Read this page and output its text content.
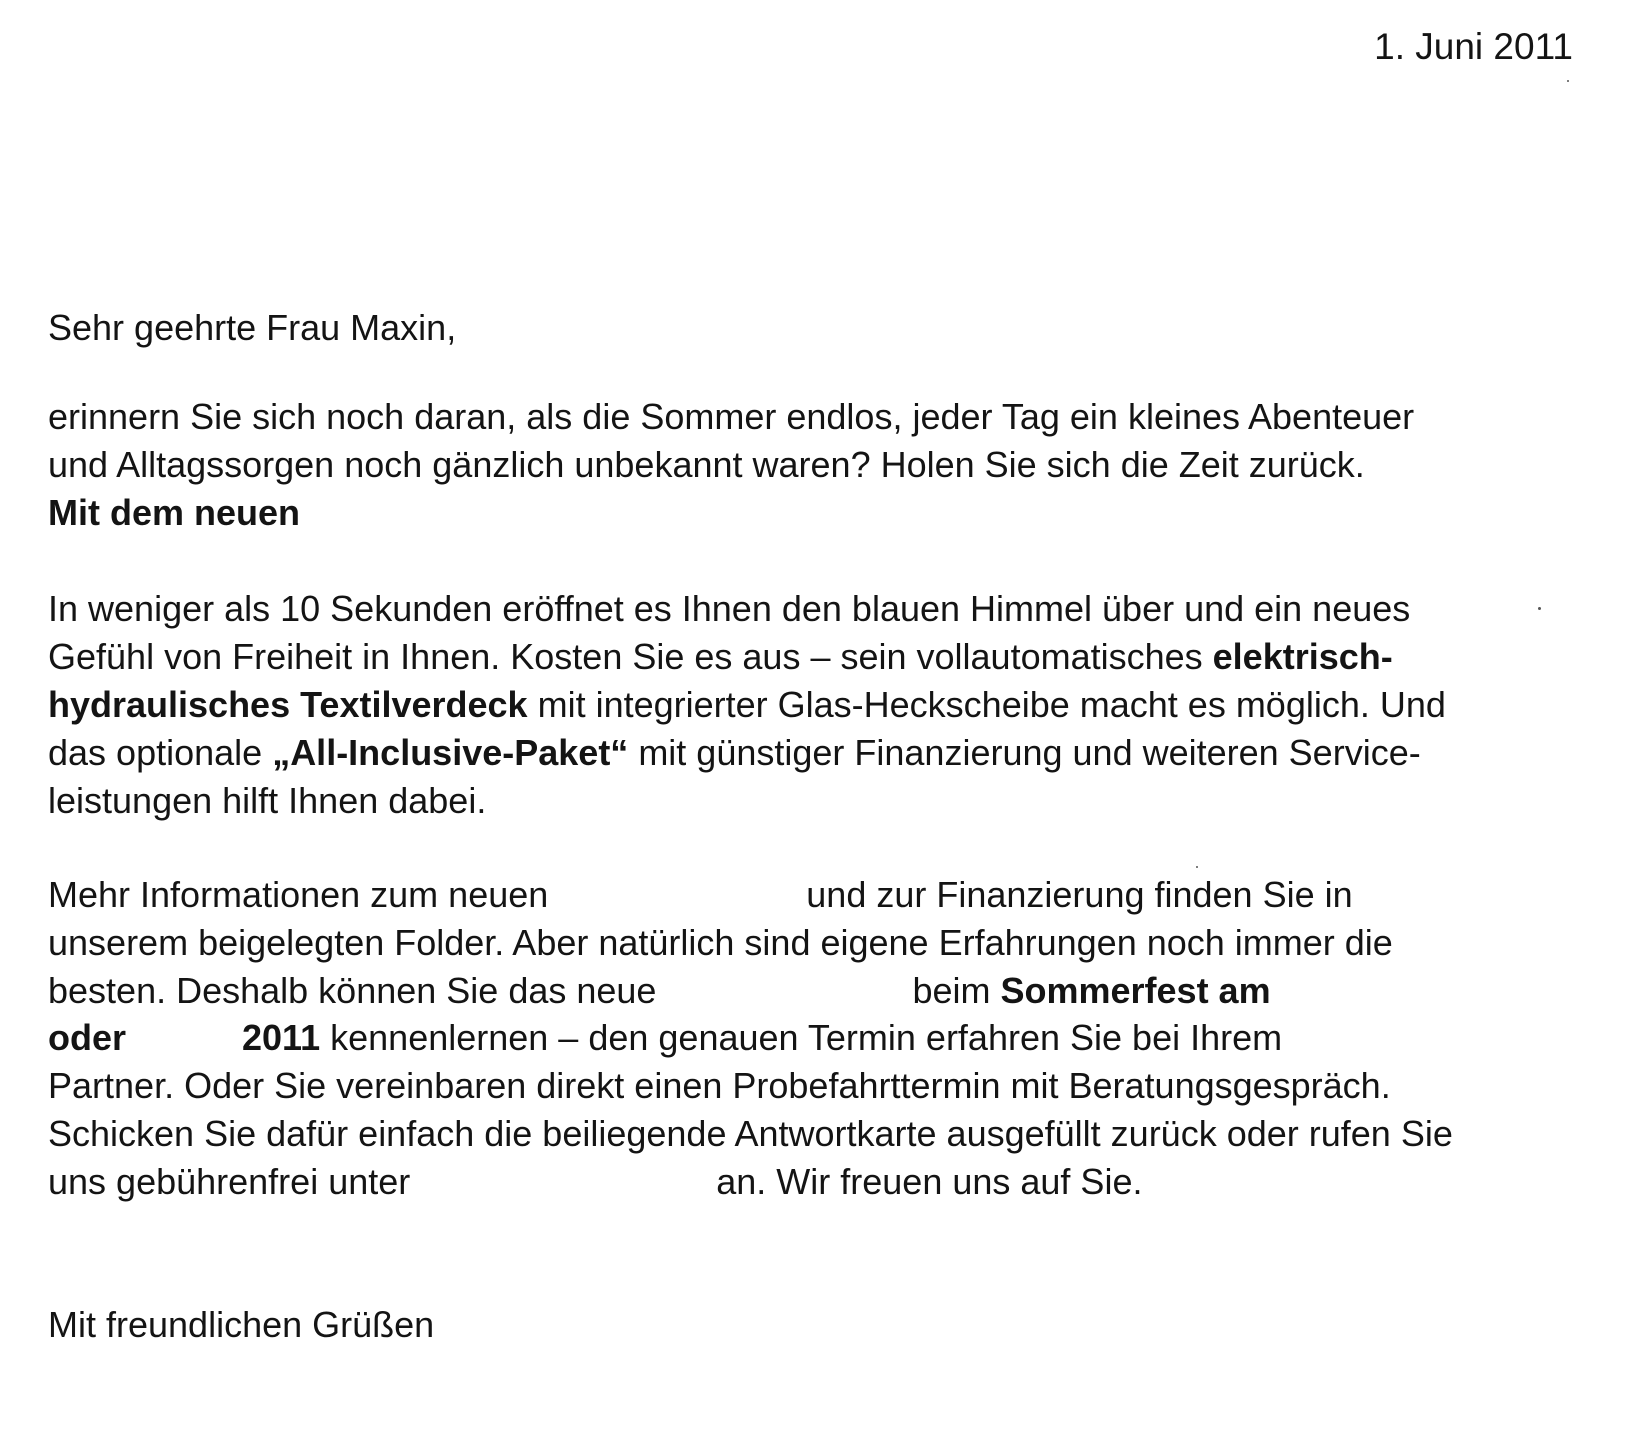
1. Juni 2011
Sehr geehrte Frau Maxin,
erinnern Sie sich noch daran, als die Sommer endlos, jeder Tag ein kleines Abenteuer
und Alltagssorgen noch gänzlich unbekannt waren? Holen Sie sich die Zeit zurück.
Mit dem neuen
In weniger als 10 Sekunden eröffnet es Ihnen den blauen Himmel über und ein neues
Gefühl von Freiheit in Ihnen. Kosten Sie es aus – sein vollautomatisches elektrisch-
hydraulisches Textilverdeck mit integrierter Glas-Heckscheibe macht es möglich. Und
das optionale „All-Inclusive-Paket“ mit günstiger Finanzierung und weiteren Service-
leistungen hilft Ihnen dabei.
Mehr Informationen zum neuen	und zur Finanzierung finden Sie in
unserem beigelegten Folder. Aber natürlich sind eigene Erfahrungen noch immer die
besten. Deshalb können Sie das neue	beim Sommerfest am
oder	2011 kennenlernen – den genauen Termin erfahren Sie bei Ihrem
Partner. Oder Sie vereinbaren direkt einen Probefahrttermin mit Beratungsgespräch.
Schicken Sie dafür einfach die beiliegende Antwortkarte ausgefüllt zurück oder rufen Sie
uns gebührenfrei unter	an. Wir freuen uns auf Sie.
Mit freundlichen Grüßen
